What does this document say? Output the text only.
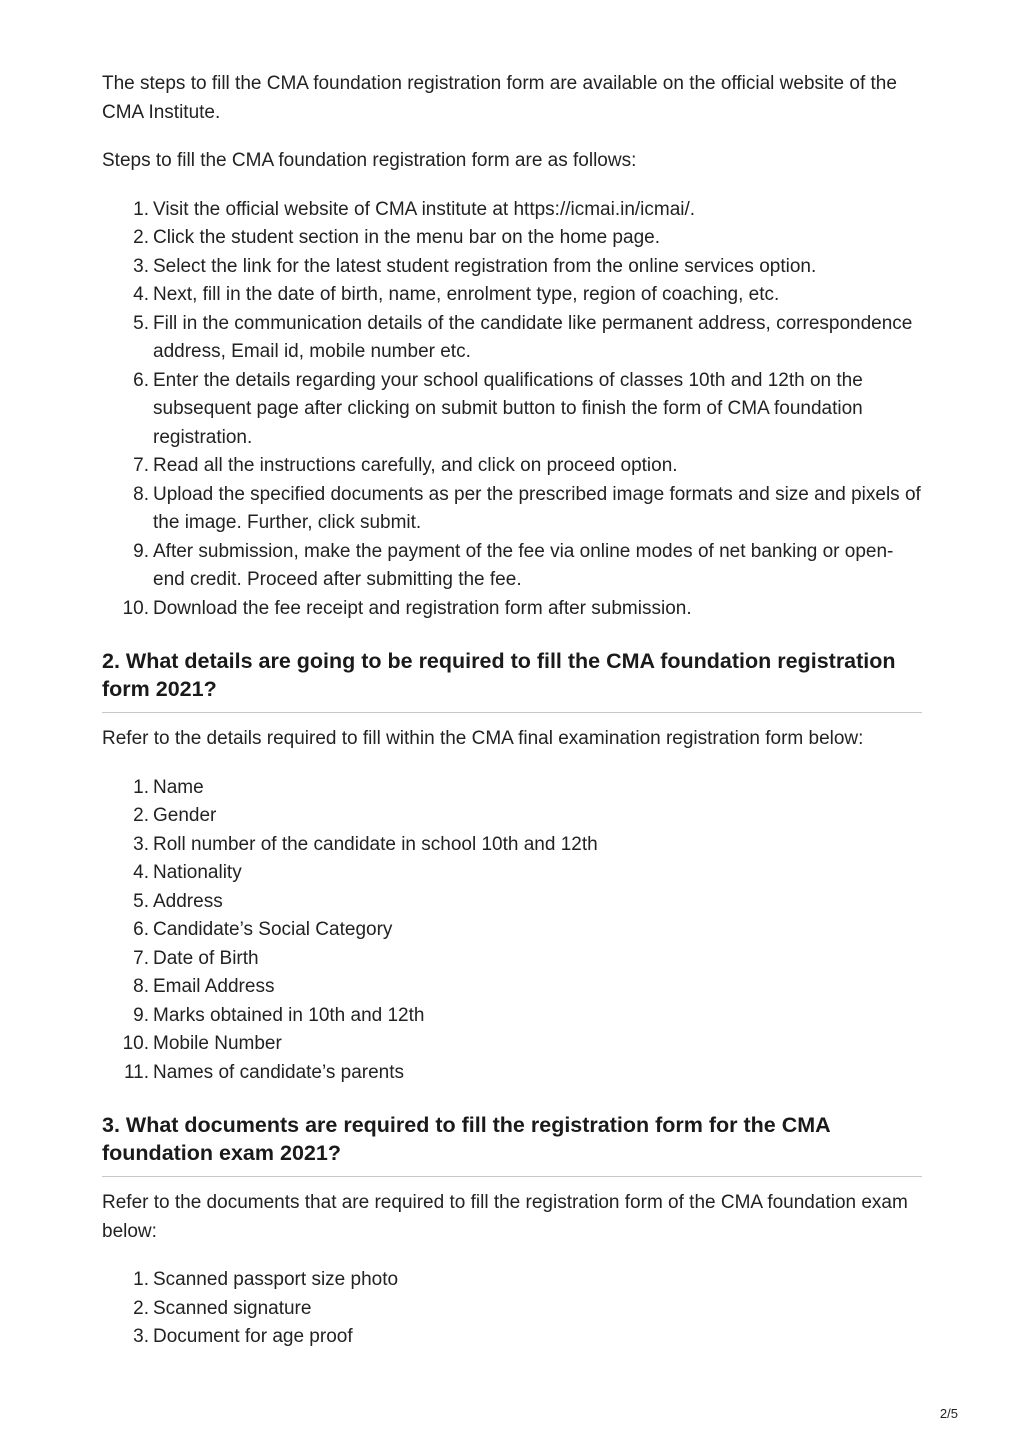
The steps to fill the CMA foundation registration form are available on the official website of the CMA Institute.

Steps to fill the CMA foundation registration form are as follows:

1. Visit the official website of CMA institute at https://icmai.in/icmai/.
2. Click the student section in the menu bar on the home page.
3. Select the link for the latest student registration from the online services option.
4. Next, fill in the date of birth, name, enrolment type, region of coaching, etc.
5. Fill in the communication details of the candidate like permanent address, correspondence address, Email id, mobile number etc.
6. Enter the details regarding your school qualifications of classes 10th and 12th on the subsequent page after clicking on submit button to finish the form of CMA foundation registration.
7. Read all the instructions carefully, and click on proceed option.
8. Upload the specified documents as per the prescribed image formats and size and pixels of the image. Further, click submit.
9. After submission, make the payment of the fee via online modes of net banking or open-end credit. Proceed after submitting the fee.
10. Download the fee receipt and registration form after submission.
2. What details are going to be required to fill the CMA foundation registration form 2021?

Refer to the details required to fill within the CMA final examination registration form below:

1. Name
2. Gender
3. Roll number of the candidate in school 10th and 12th
4. Nationality
5. Address
6. Candidate’s Social Category
7. Date of Birth
8. Email Address
9. Marks obtained in 10th and 12th
10. Mobile Number
11. Names of candidate’s parents
3. What documents are required to fill the registration form for the CMA foundation exam 2021?

Refer to the documents that are required to fill the registration form of the CMA foundation exam below:

1. Scanned passport size photo
2. Scanned signature
3. Document for age proof
2/5
